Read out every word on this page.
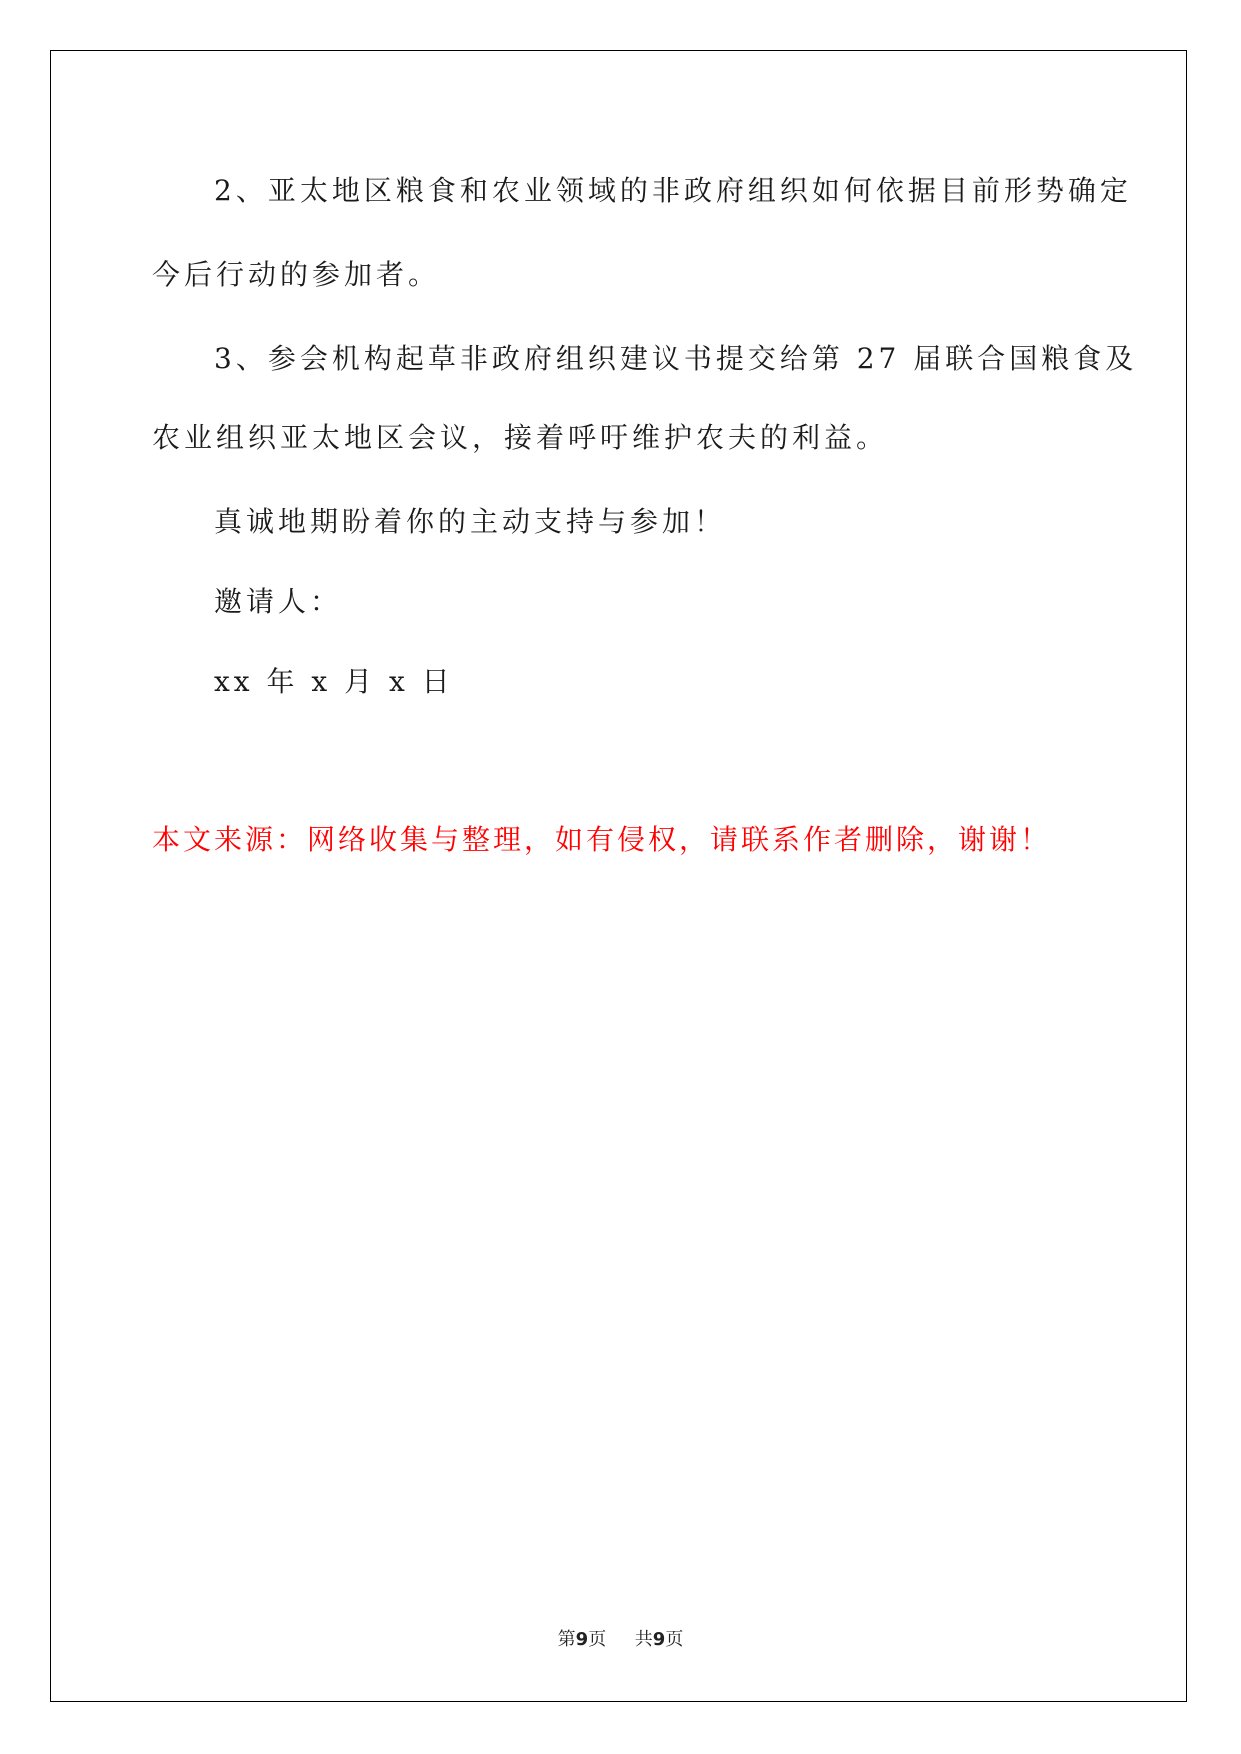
2、亚太地区粮食和农业领域的非政府组织如何依据目前形势确定
今后行动的参加者。
3、参会机构起草非政府组织建议书提交给第 27 届联合国粮食及
农业组织亚太地区会议，接着呼吁维护农夫的利益。
真诚地期盼着你的主动支持与参加！
邀请人：
xx 年 x 月 x 日
本文来源：网络收集与整理，如有侵权，请联系作者删除，谢谢！
第9页 共9页
